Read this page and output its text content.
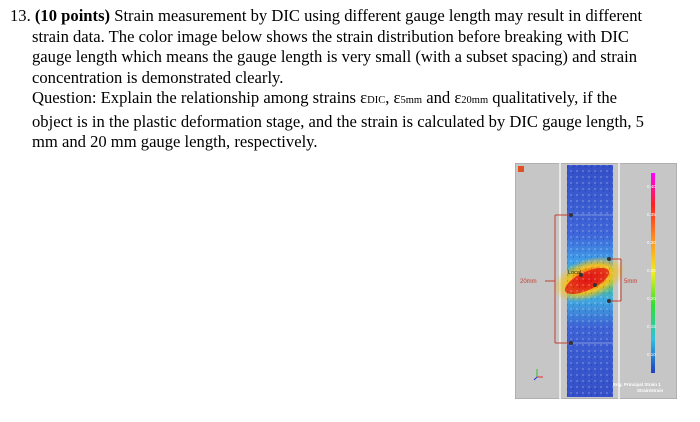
13. (10 points) Strain measurement by DIC using different gauge length may result in different
strain data. The color image below shows the strain distribution before breaking with DIC
gauge length which means the gauge length is very small (with a subset spacing) and strain
concentration is demonstrated clearly.
Question: Explain the relationship among strains εDIC, ε5mm and ε20mm qualitatively, if the
object is in the plastic deformation stage, and the strain is calculated by DIC gauge length, 5
mm and 20 mm gauge length, respectively.
20mm	5mm
Local
0.40
0.35
0.30
0.25
0.20
0.15
0.10
Eng. Principal Strain 1
Strain/strain
